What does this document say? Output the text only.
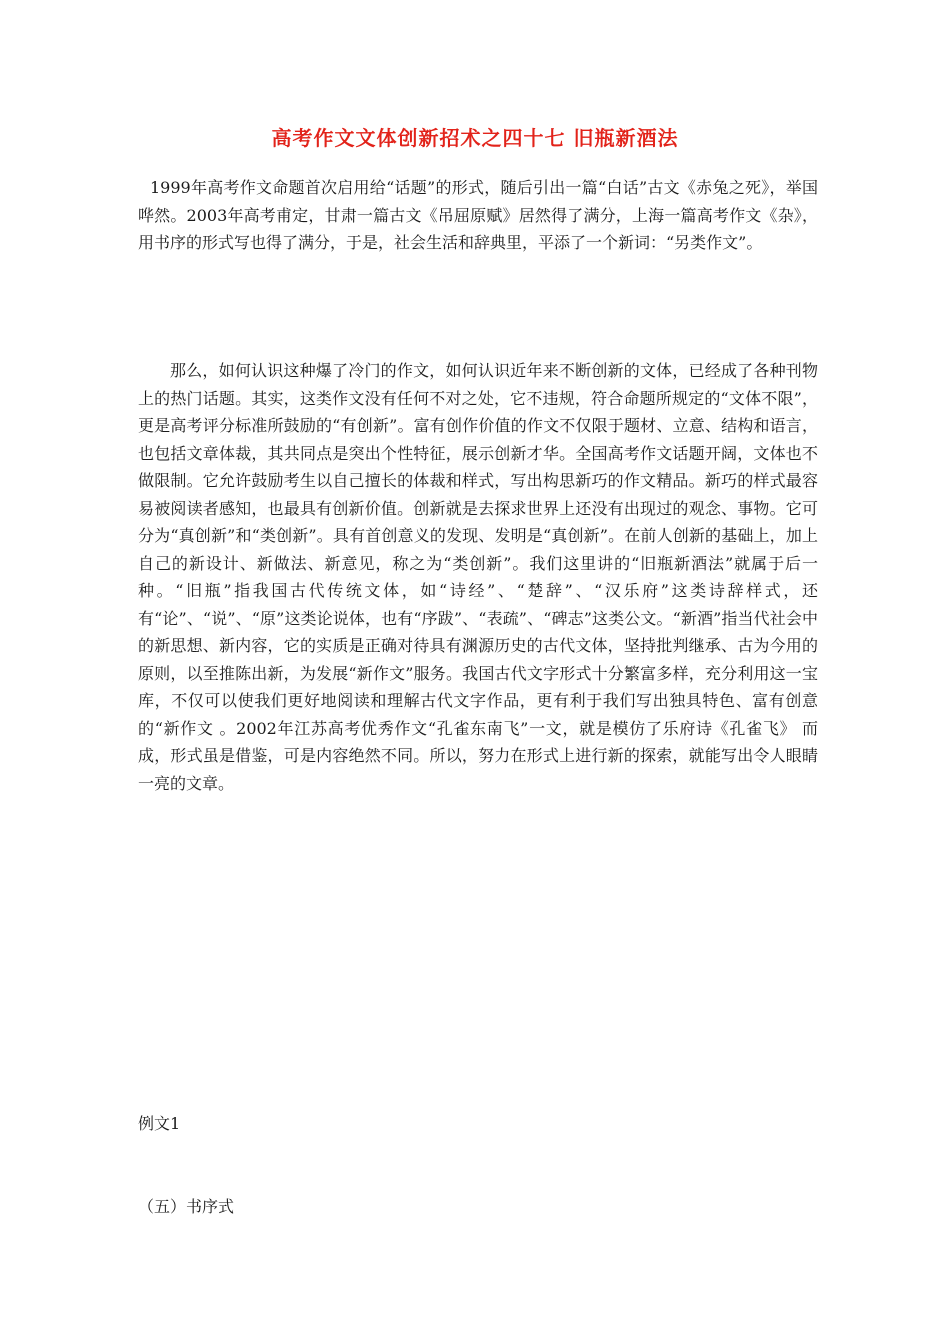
高考作文文体创新招术之四十七 旧瓶新酒法

1999年高考作文命题首次启用给“话题”的形式，随后引出一篇“白话”古文《赤兔之死》，举国哗然。2003年高考甫定，甘肃一篇古文《吊屈原赋》居然得了满分，上海一篇高考作文《杂》，用书序的形式写也得了满分，于是，社会生活和辞典里，平添了一个新词：“另类作文”。

那么，如何认识这种爆了冷门的作文，如何认识近年来不断创新的文体，已经成了各种刊物上的热门话题。其实，这类作文没有任何不对之处，它不违规，符合命题所规定的“文体不限”，更是高考评分标准所鼓励的“有创新”。富有创作价值的作文不仅限于题材、立意、结构和语言，也包括文章体裁，其共同点是突出个性特征，展示创新才华。全国高考作文话题开阔，文体也不做限制。它允许鼓励考生以自己擅长的体裁和样式，写出构思新巧的作文精品。新巧的样式最容易被阅读者感知，也最具有创新价值。创新就是去探求世界上还没有出现过的观念、事物。它可分为“真创新”和“类创新”。具有首创意义的发现、发明是“真创新”。在前人创新的基础上，加上自己的新设计、新做法、新意见，称之为“类创新”。我们这里讲的“旧瓶新酒法”就属于后一种。“旧瓶”指我国古代传统文体，如“诗经”、“楚辞”、“汉乐府”这类诗辞样式，还有“论”、“说”、“原”这类论说体，也有“序跋”、“表疏”、“碑志”这类公文。“新酒”指当代社会中的新思想、新内容，它的实质是正确对待具有渊源历史的古代文体，坚持批判继承、古为今用的原则，以至推陈出新，为发展“新作文”服务。我国古代文字形式十分繁富多样，充分利用这一宝库，不仅可以使我们更好地阅读和理解古代文字作品，更有利于我们写出独具特色、富有创意的“新作文 。2002年江苏高考优秀作文“孔雀东南飞”一文，就是模仿了乐府诗《孔雀飞》 而成，形式虽是借鉴，可是内容绝然不同。所以，努力在形式上进行新的探索，就能写出令人眼睛一亮的文章。

例文1
（五）书序式
